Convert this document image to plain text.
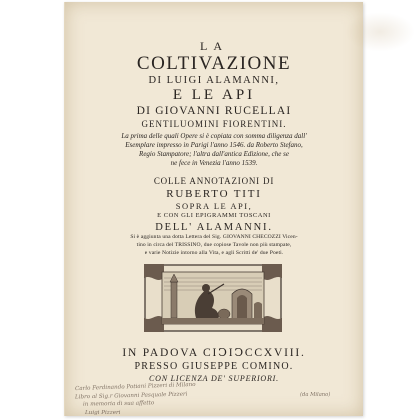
LA
COLTIVAZIONE
DI LUIGI ALAMANNI,
E LE API
DI GIOVANNI RUCELLAI
GENTILUOMINI FIORENTINI.
La prima delle quali Opere si è copiata con somma diligenza dall'
Esemplare impresso in Parigi l'anno 1546. da Roberto Stefano,
Regio Stampatore; l'altra dall'antica Edizione, che se
ne fece in Venezia l'anno 1539.
COLLE ANNOTAZIONI DI
RUBERTO TITI
SOPRA LE API,
E CON GLI EPIGRAMMI TOSCANI
DELL' ALAMANNI.
Si è aggiunta una dotta Lettera del Sig. GIOVANNI CHECOZZI Vicen-
tino in circa del TRISSINO, due copiose Tavole non più stampate,
e varie Notizie intorno alla Vita, e agli Scritti de' due Poeti.
IN PADOVA CIↃIↃCCXVIII.
PRESSO GIUSEPPE COMINO.
CON LICENZA DE' SUPERIORI.
Carlo Ferdinando Potiani Pizzeri di Milano
Libro al Sig.r Giovanni Pasquale Pizzeri
in memoria di sua affetto
Luigi Pizzeri
(da Milano)
